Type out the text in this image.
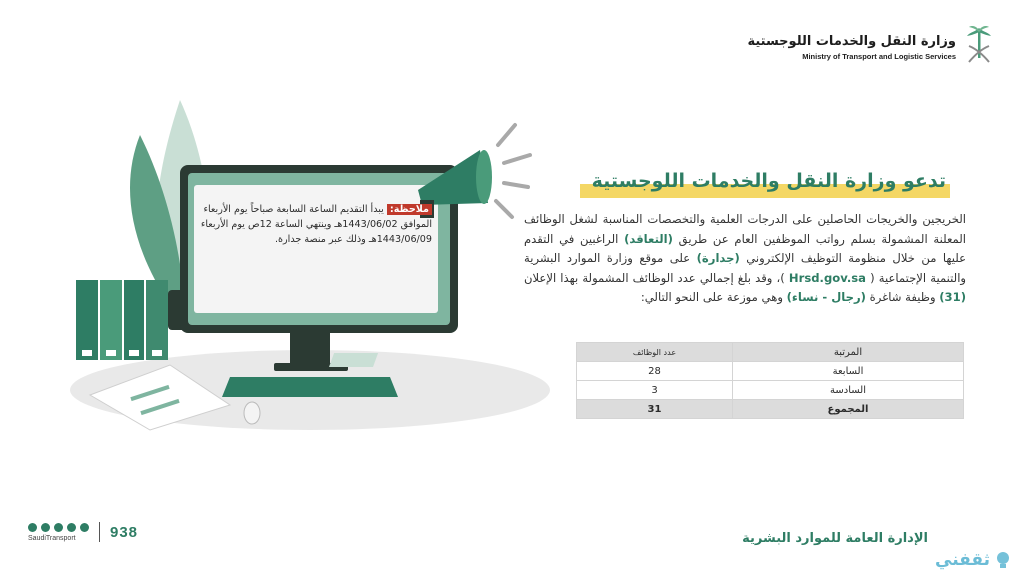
وزارة النقل والخدمات اللوجستية
Ministry of Transport and Logistic Services
تدعو وزارة النقل والخدمات اللوجستية
الخريجين والخريجات الحاصلين على الدرجات العلمية والتخصصات المناسبة لشغل الوظائف المعلنة المشمولة بسلم رواتب الموظفين العام عن طريق (التعاقد) الراغبين في التقدم عليها من خلال منظومة التوظيف الإلكتروني (جدارة) على موقع وزارة الموارد البشرية والتنمية الإجتماعية ( Hrsd.gov.sa )، وقد بلغ إجمالي عدد الوظائف المشمولة بهذا الإعلان (31) وظيفة شاغرة (رجال - نساء) وهي موزعة على النحو التالي:
المرتبة	عدد الوظائف
السابعة	28
السادسة	3
المجموع	31
ملاحظة: يبدأ التقديم الساعة السابعة صباحاً يوم الأربعاء الموافق 1443/06/02هـ وينتهي الساعة 12ص يوم الأربعاء 1443/06/09هـ وذلك عبر منصة جدارة.
الإدارة العامة للموارد البشرية
SaudiTransport	938
ثقفني
